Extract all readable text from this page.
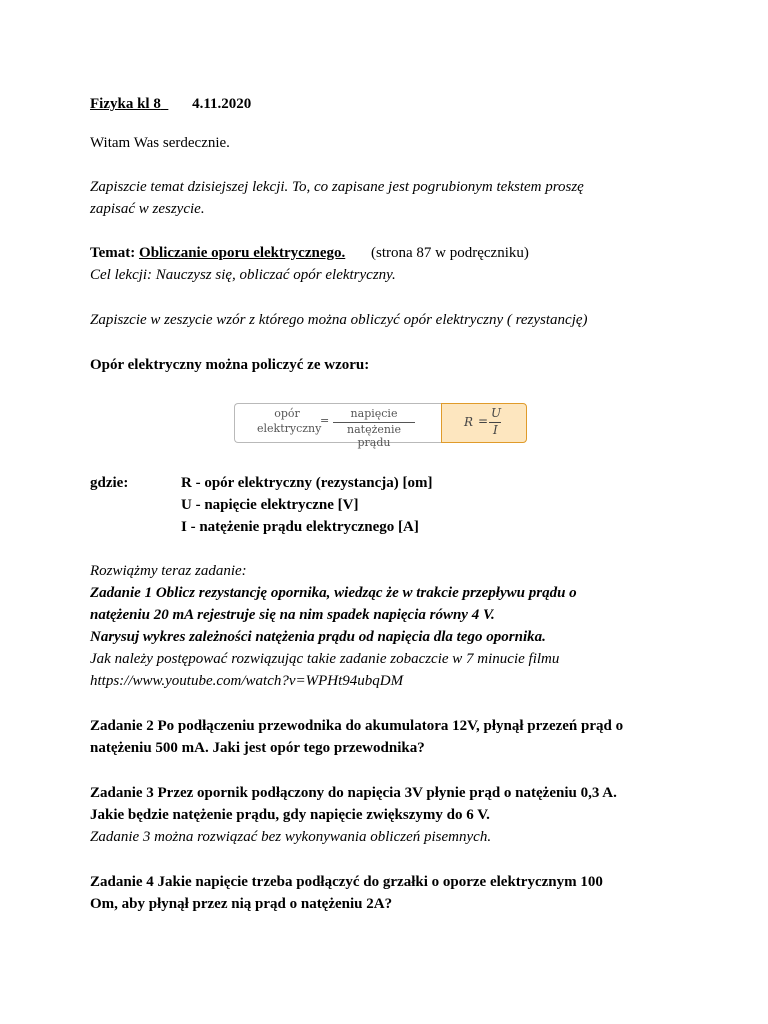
Fizyka kl 8 4.11.2020
Witam Was serdecznie.
Zapiszcie temat dzisiejszej lekcji. To, co zapisane jest pogrubionym tekstem proszę
zapisać w zeszycie.
Temat: Obliczanie oporu elektrycznego. (strona 87 w podręczniku)
Cel lekcji: Nauczysz się, obliczać opór elektryczny.
Zapiszcie w zeszycie wzór z którego można obliczyć opór elektryczny ( rezystancję)
Opór elektryczny można policzyć ze wzoru:
opór
elektryczny
=
napięcie
natężenie prądu
R =
U
I
gdzie:	R - opór elektryczny (rezystancja) [om]
U - napięcie elektryczne [V]
I - natężenie prądu elektrycznego [A]
Rozwiążmy teraz zadanie:
Zadanie 1 Oblicz rezystancję opornika, wiedząc że w trakcie przepływu prądu o
natężeniu 20 mA rejestruje się na nim spadek napięcia równy 4 V.
Narysuj wykres zależności natężenia prądu od napięcia dla tego opornika.
Jak należy postępować rozwiązując takie zadanie zobaczcie w 7 minucie filmu
https://www.youtube.com/watch?v=WPHt94ubqDM
Zadanie 2 Po podłączeniu przewodnika do akumulatora 12V, płynął przezeń prąd o
natężeniu 500 mA. Jaki jest opór tego przewodnika?
Zadanie 3 Przez opornik podłączony do napięcia 3V płynie prąd o natężeniu 0,3 A.
Jakie będzie natężenie prądu, gdy napięcie zwiększymy do 6 V.
Zadanie 3 można rozwiązać bez wykonywania obliczeń pisemnych.
Zadanie 4 Jakie napięcie trzeba podłączyć do grzałki o oporze elektrycznym 100
Om, aby płynął przez nią prąd o natężeniu 2A?
